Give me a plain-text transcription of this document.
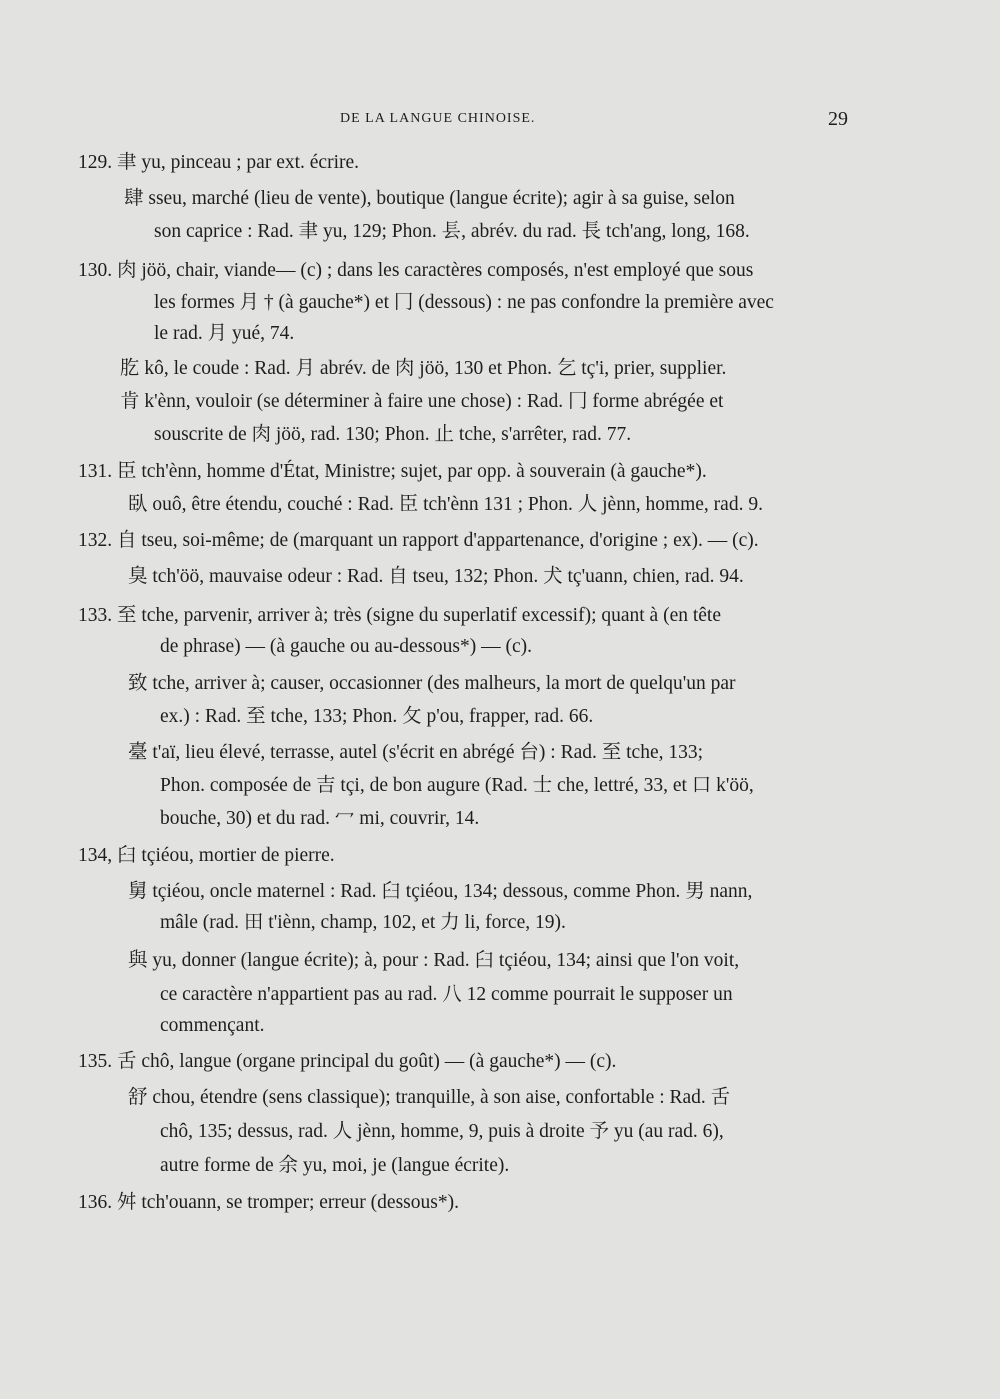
DE LA LANGUE CHINOISE.	29
129. 聿 yu, pinceau ; par ext. écrire.
肆 sseu, marché (lieu de vente), boutique (langue écrite); agir à sa guise, selon
son caprice : Rad. 聿 yu, 129; Phon. 镸, abrév. du rad. 長 tch'ang, long, 168.
130. 肉 jöö, chair, viande— (c) ; dans les caractères composés, n'est employé que sous
les formes 月 † (à gauche*) et 冂 (dessous) : ne pas confondre la première avec
le rad. 月 yué, 74.
肐 kô, le coude : Rad. 月 abrév. de 肉 jöö, 130 et Phon. 乞 tç'i, prier, supplier.
肯 k'ènn, vouloir (se déterminer à faire une chose) : Rad. 冂 forme abrégée et
souscrite de 肉 jöö, rad. 130; Phon. 止 tche, s'arrêter, rad. 77.
131. 臣 tch'ènn, homme d'État, Ministre; sujet, par opp. à souverain (à gauche*).
臥 ouô, être étendu, couché : Rad. 臣 tch'ènn 131 ; Phon. 人 jènn, homme, rad. 9.
132. 自 tseu, soi-même; de (marquant un rapport d'appartenance, d'origine ; ex). — (c).
臭 tch'öö, mauvaise odeur : Rad. 自 tseu, 132; Phon. 犬 tç'uann, chien, rad. 94.
133. 至 tche, parvenir, arriver à; très (signe du superlatif excessif); quant à (en tête
de phrase) — (à gauche ou au-dessous*) — (c).
致 tche, arriver à; causer, occasionner (des malheurs, la mort de quelqu'un par
ex.) : Rad. 至 tche, 133; Phon. 攵 p'ou, frapper, rad. 66.
臺 t'aï, lieu élevé, terrasse, autel (s'écrit en abrégé 台) : Rad. 至 tche, 133;
Phon. composée de 吉 tçi, de bon augure (Rad. 士 che, lettré, 33, et 口 k'öö,
bouche, 30) et du rad. 冖 mi, couvrir, 14.
134, 臼 tçiéou, mortier de pierre.
舅 tçiéou, oncle maternel : Rad. 臼 tçiéou, 134; dessous, comme Phon. 男 nann,
mâle (rad. 田 t'iènn, champ, 102, et 力 li, force, 19).
與 yu, donner (langue écrite); à, pour : Rad. 臼 tçiéou, 134; ainsi que l'on voit,
ce caractère n'appartient pas au rad. 八 12 comme pourrait le supposer un
commençant.
135. 舌 chô, langue (organe principal du goût) — (à gauche*) — (c).
舒 chou, étendre (sens classique); tranquille, à son aise, confortable : Rad. 舌
chô, 135; dessus, rad. 人 jènn, homme, 9, puis à droite 予 yu (au rad. 6),
autre forme de 余 yu, moi, je (langue écrite).
136. 舛 tch'ouann, se tromper; erreur (dessous*).
